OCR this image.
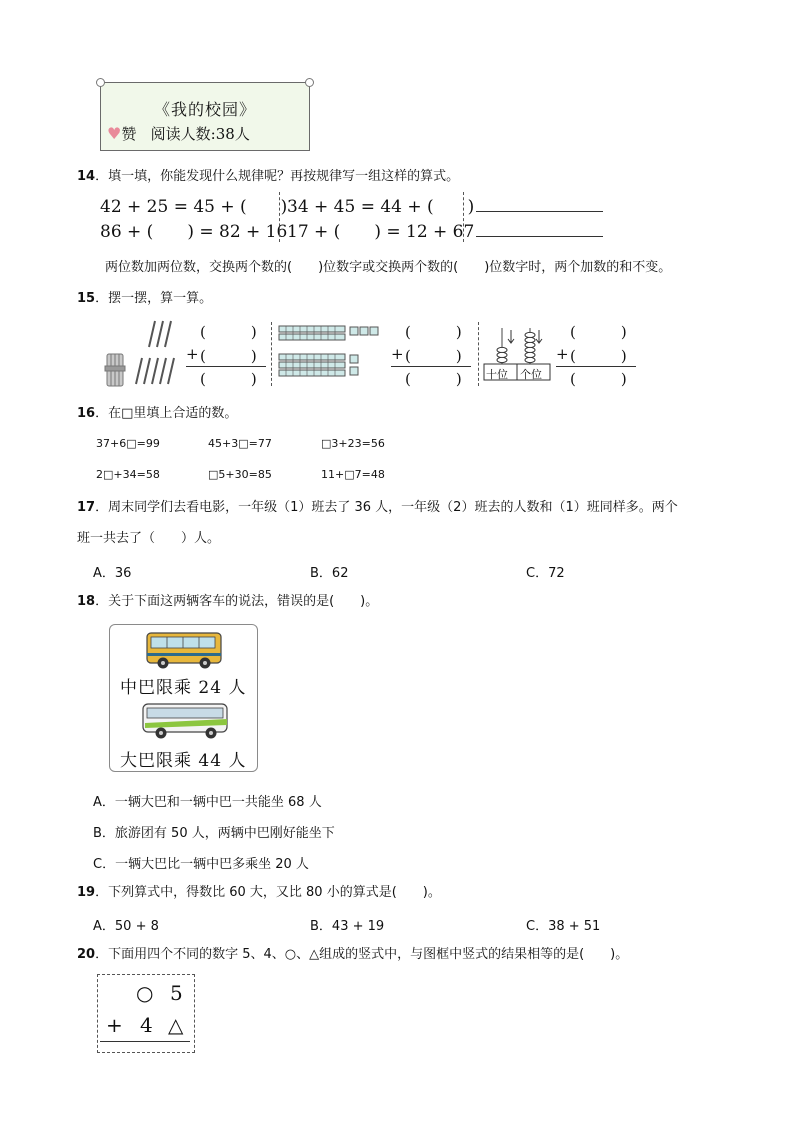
《我的校园》
♥赞 阅读人数:38人
14．填一填，你能发现什么规律呢？再按规律写一组这样的算式。
42 + 25 = 45 + (　　)
86 + (　　) = 82 + 16
34 + 45 = 44 + (　　)
17 + (　　) = 12 + 67
两位数加两位数，交换两个数的(　　)位数字或交换两个数的(　　)位数字时，两个加数的和不变。
15．摆一摆，算一算。
(　　　)
+ (　　　)
(　　　)
(　　　)
+ (　　　)
(　　　) 十位 个位
(　　　)
+ (　　　)
(　　　)
16．在□里填上合适的数。
37+6□=99	45+3□=77	□3+23=56
2□+34=58	□5+30=85	11+□7=48
17．周末同学们去看电影，一年级（1）班去了 36 人，一年级（2）班去的人数和（1）班同样多。两个
班一共去了（　　）人。
A．36	B．62	C．72
18．关于下面这两辆客车的说法，错误的是(　　)。
中巴限乘 24 人
大巴限乘 44 人
A．一辆大巴和一辆中巴一共能坐 68 人
B．旅游团有 50 人，两辆中巴刚好能坐下
C．一辆大巴比一辆中巴多乘坐 20 人
19．下列算式中，得数比 60 大，又比 80 小的算式是(　　)。
A．50 + 8	B．43 + 19	C．38 + 51
20．下面用四个不同的数字 5、4、○、△组成的竖式中，与图框中竖式的结果相等的是(　　)。
○ 5
+ 4 △
